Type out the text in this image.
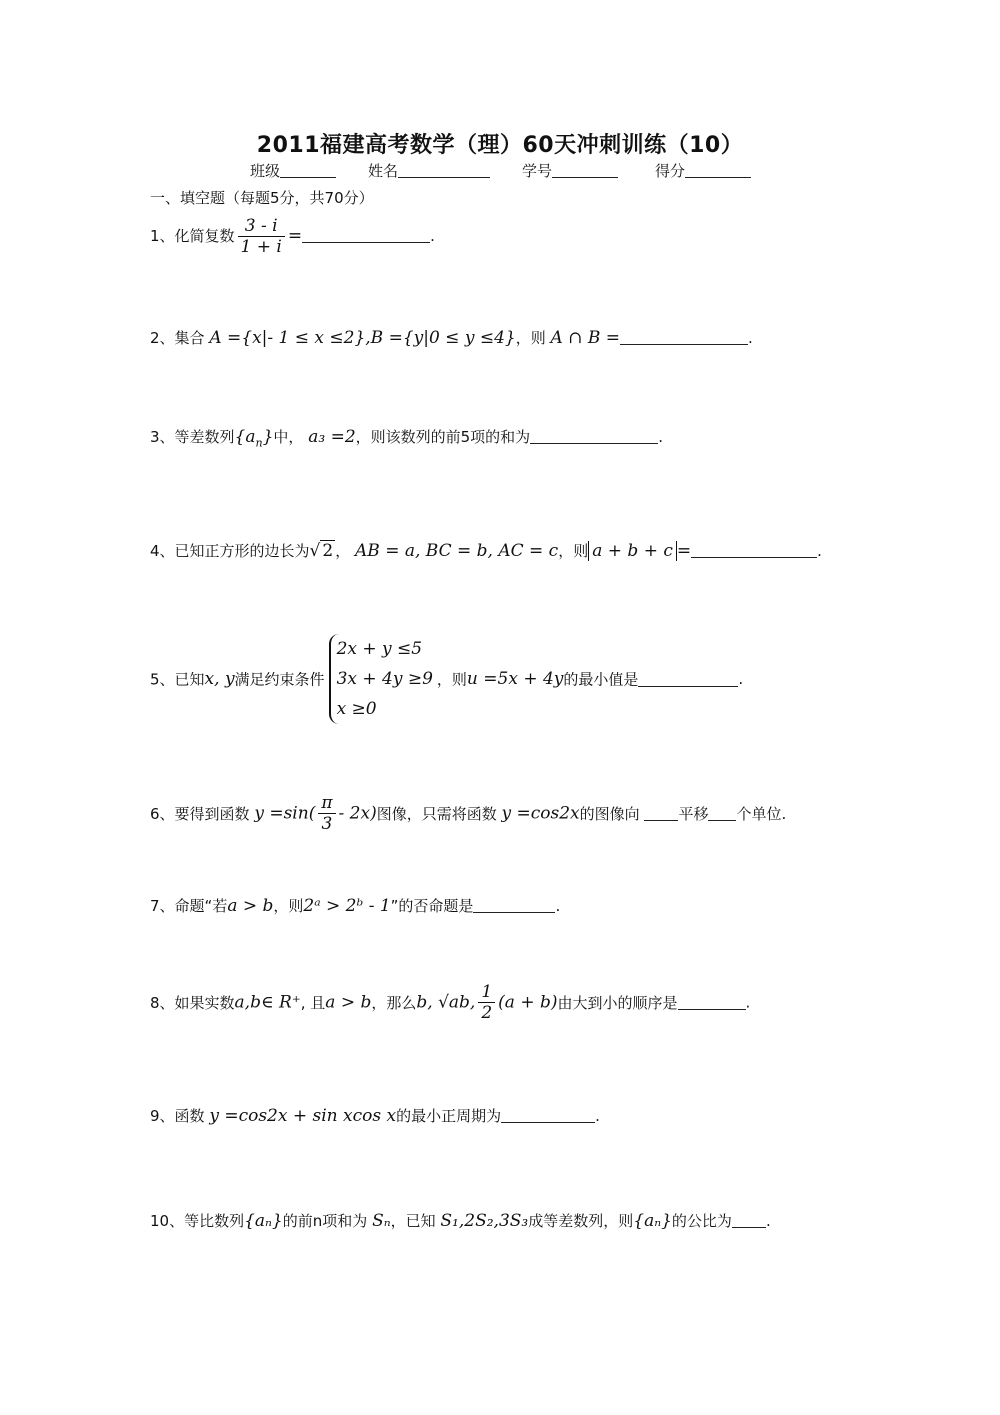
2011福建高考数学（理）60天冲刺训练（10）
班级	姓名	学号	得分
一、填空题（每题5分，共70分）
1、化简复数 $\frac{3 - i}{1 + i}$ =	.
2、集合 A ={x|- 1 ≤ x ≤2},B ={y|0 ≤ y ≤4}，则 A ∩ B =	.
3、等差数列$\{a_n\}$中， a₃ =2，则该数列的前5项的和为	.
4、已知正方形的边长为√ 2 ， AB = a, BC = b, AC = c，则 a + b + c =	.
5、已知x, y满足约束条件
2x + y ≤5
3x + 4y ≥9
x ≥0
，则u =5x + 4y的最小值是	.
6、要得到函数 $y =\sin( \frac{\pi}{3} - 2x)$图像，只需将函数 y =cos2x的图像向	平移 个单位.
7、命题“若a > b，则2ᵃ > 2ᵇ - 1”的否命题是	.
8、如果实数a,b∈ R⁺, 且a > b，那么b, √ab, $\frac{1}{2} (a + b)$由大到小的顺序是	.
9、函数 y =cos2x + sin xcos x的最小正周期为	.
10、等比数列{aₙ}的前n项和为 Sₙ，已知 S₁,2S₂,3S₃成等差数列，则{aₙ}的公比为 .
